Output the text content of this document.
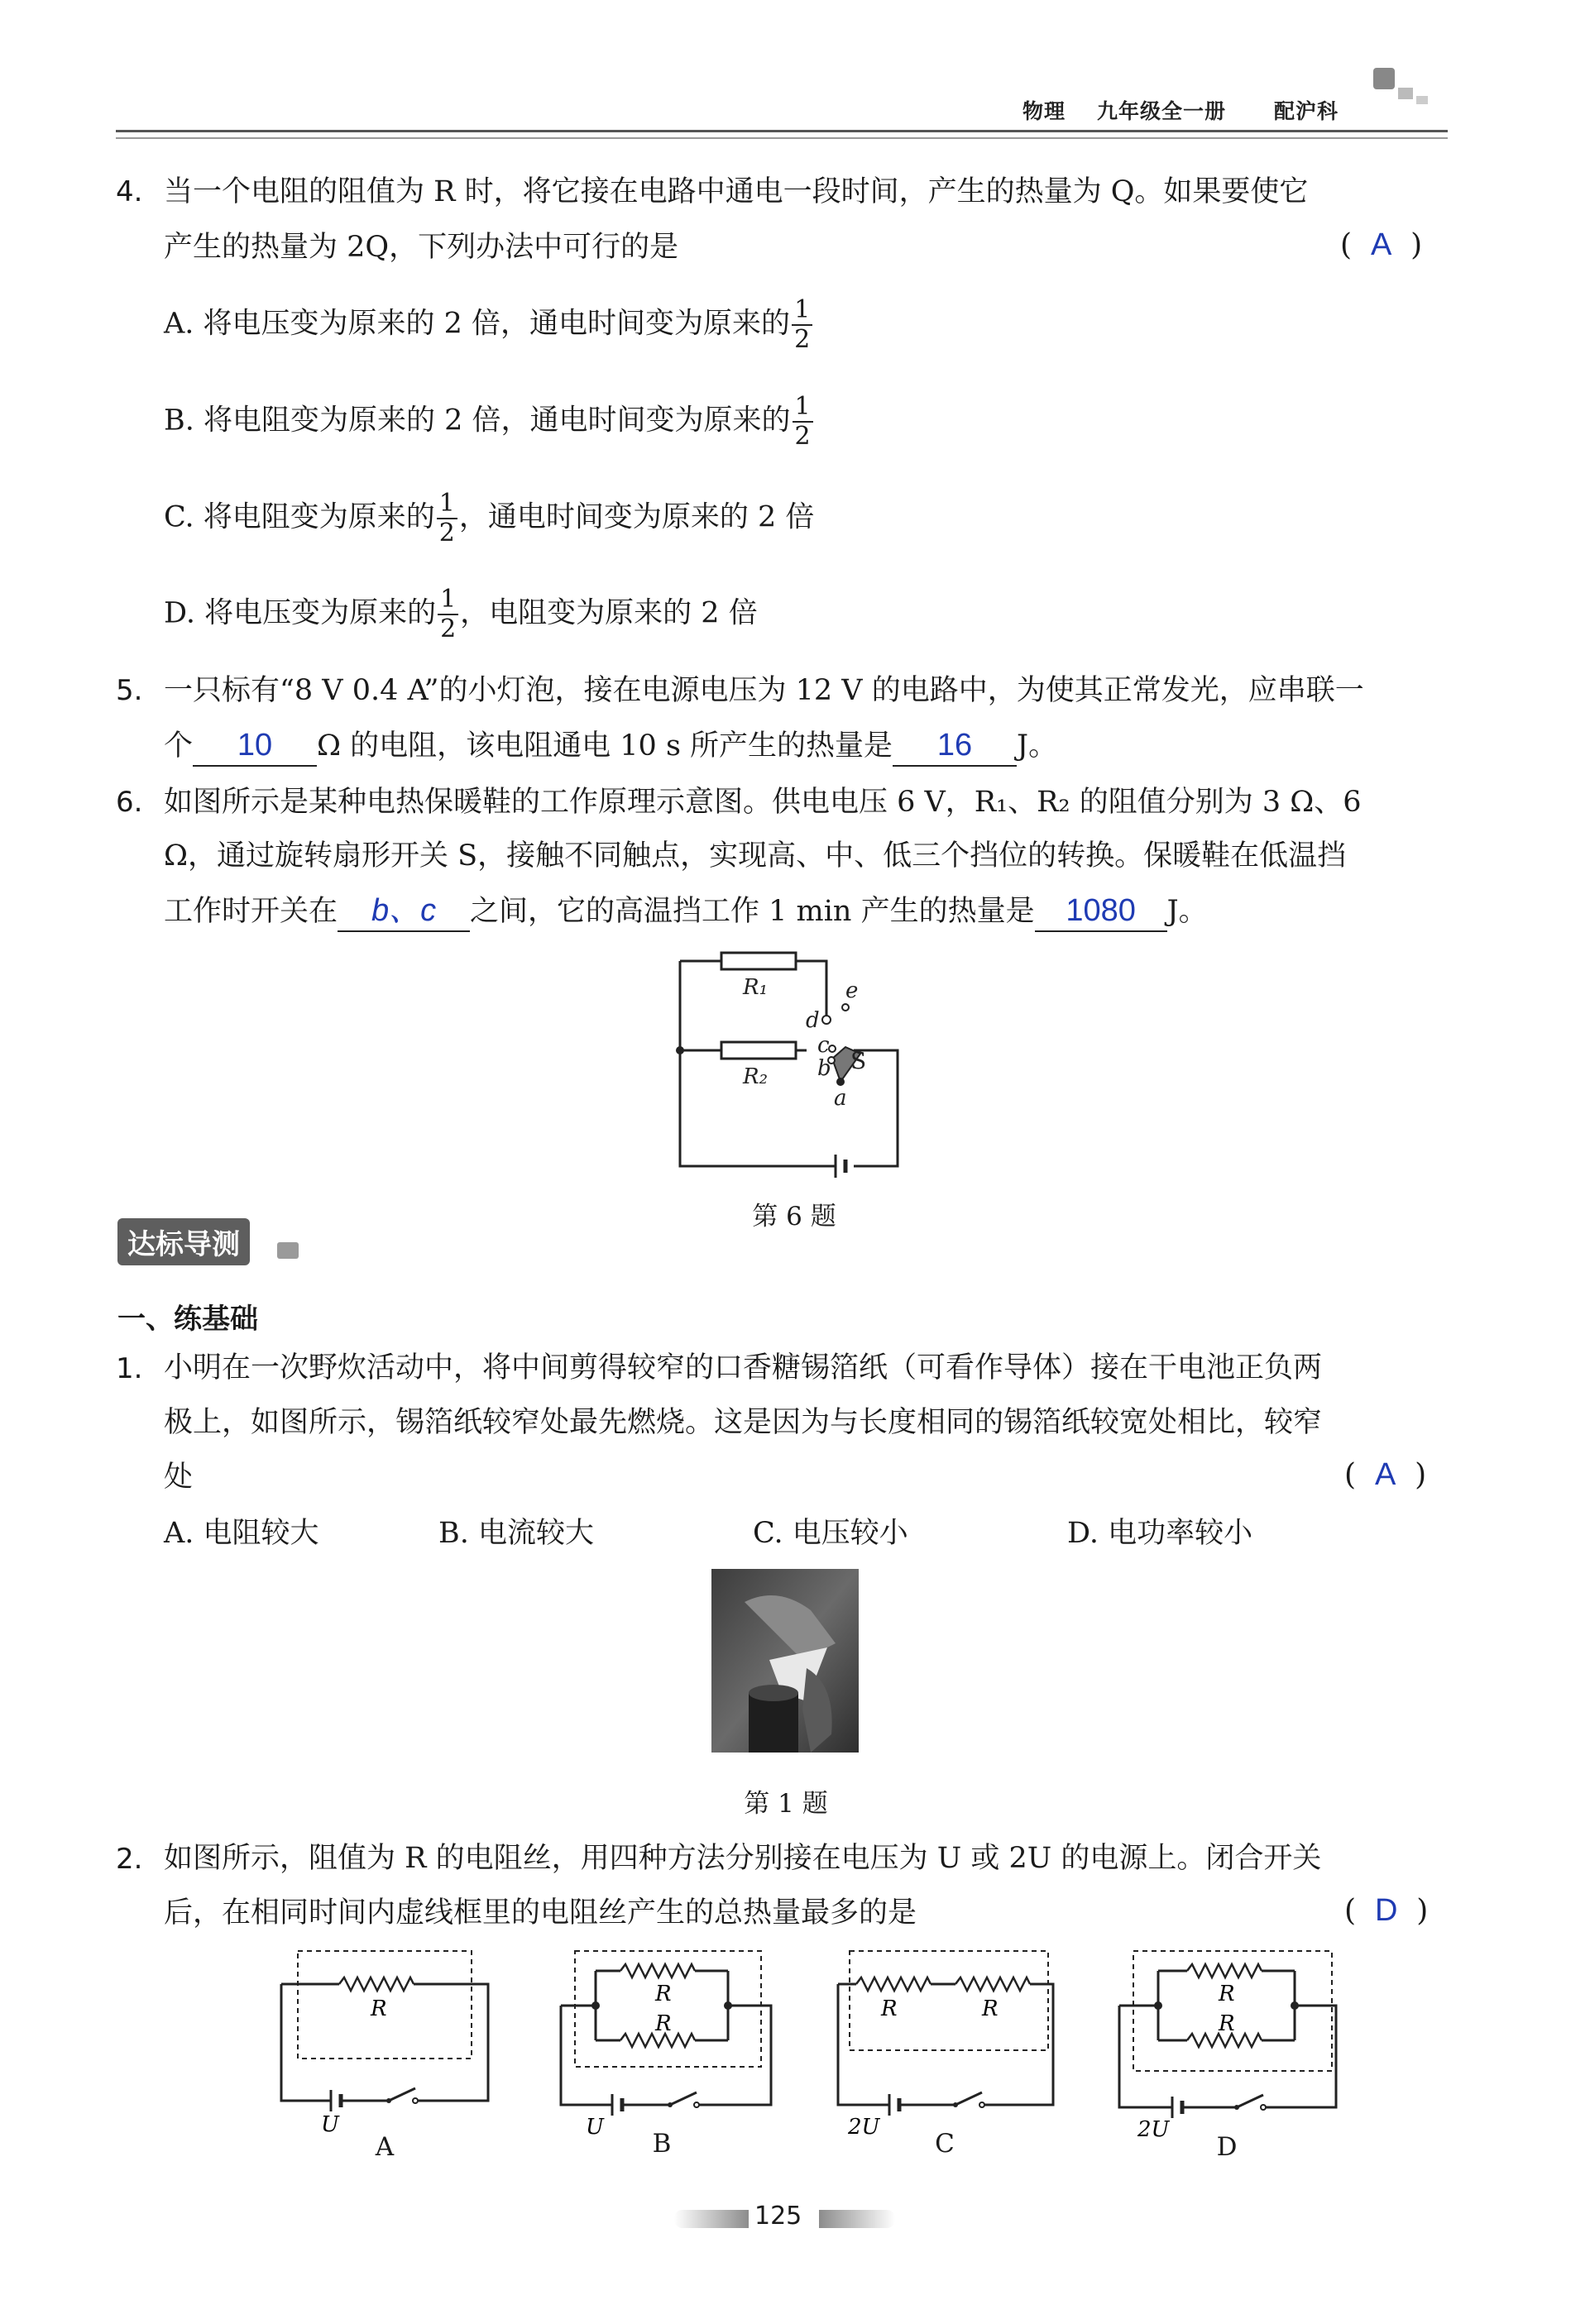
物理 九年级全一册 配沪科
4. 当一个电阻的阻值为 R 时，将它接在电路中通电一段时间，产生的热量为 Q。如果要使它
产生的热量为 2Q，下列办法中可行的是	(  A  )
A. 将电压变为原来的 2 倍，通电时间变为原来的 $\frac{1}{2}$
B. 将电阻变为原来的 2 倍，通电时间变为原来的 $\frac{1}{2}$
C. 将电阻变为原来的 $\frac{1}{2}$ ，通电时间变为原来的 2 倍
D. 将电压变为原来的 $\frac{1}{2}$ ，电阻变为原来的 2 倍
5. 一只标有“8 V 0.4 A”的小灯泡，接在电源电压为 12 V 的电路中，为使其正常发光，应串联一
个 10 Ω 的电阻，该电阻通电 10 s 所产生的热量是 16 J。
6. 如图所示是某种电热保暖鞋的工作原理示意图。供电电压 6 V，R₁、R₂ 的阻值分别为 3 Ω、6
Ω，通过旋转扇形开关 S，接触不同触点，实现高、中、低三个挡位的转换。保暖鞋在低温挡
工作时开关在 b、c 之间，它的高温挡工作 1 min 产生的热量是 1080 J。
R₁
R₂
d
e
c
b
a
S
第 6 题
达标导测
一、练基础
1. 小明在一次野炊活动中，将中间剪得较窄的口香糖锡箔纸（可看作导体）接在干电池正负两
极上，如图所示，锡箔纸较窄处最先燃烧。这是因为与长度相同的锡箔纸较宽处相比，较窄
处	(  A  )
A. 电阻较大	B. 电流较大	C. 电压较小	D. 电功率较小
第 1 题
2. 如图所示，阻值为 R 的电阻丝，用四种方法分别接在电压为 U 或 2U 的电源上。闭合开关
后，在相同时间内虚线框里的电阻丝产生的总热量最多的是	(  D  )
R
U
A
R
R
U
B
R	R
2U
C
R
R
2U
D
125
